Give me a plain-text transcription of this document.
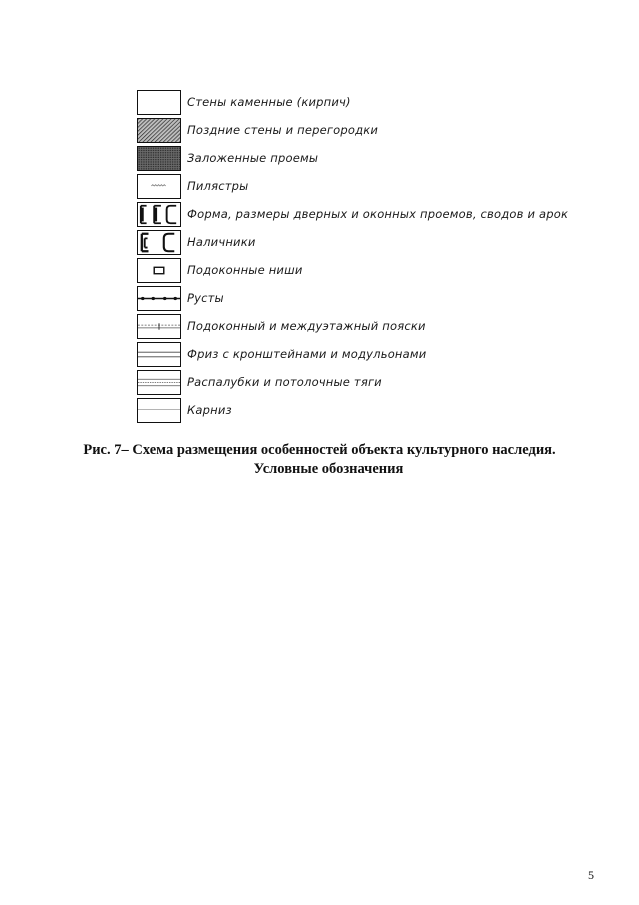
Стены каменные (кирпич)
Поздние стены и перегородки
Заложенные проемы
Пилястры
Форма, размеры дверных и оконных проемов, сводов и арок
Наличники
Подоконные ниши
Русты
Подоконный и междуэтажный пояски
Фриз с кронштейнами и модульонами
Распалубки и потолочные тяги
Карниз
Рис. 7– Схема размещения особенностей объекта культурного наследия.
Условные обозначения
5
